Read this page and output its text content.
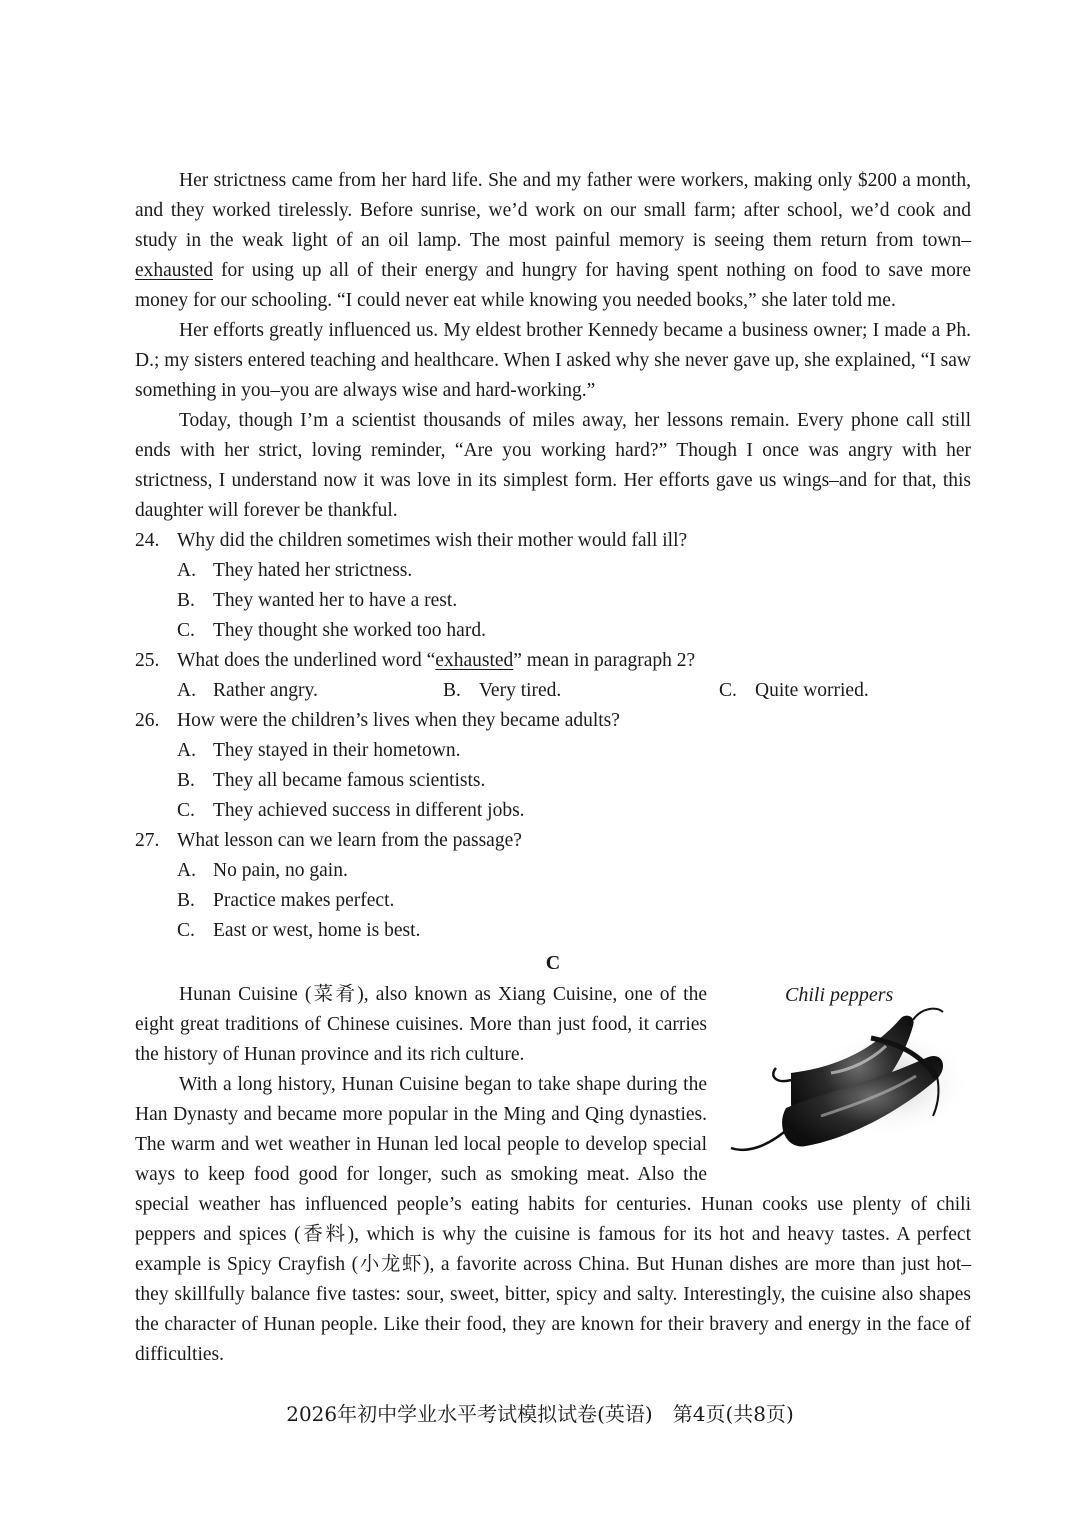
Her strictness came from her hard life. She and my father were workers, making only $200 a month, and they worked tirelessly. Before sunrise, we’d work on our small farm; after school, we’d cook and study in the weak light of an oil lamp. The most painful memory is seeing them return from town–exhausted for using up all of their energy and hungry for having spent nothing on food to save more money for our schooling. “I could never eat while knowing you needed books,” she later told me.

Her efforts greatly influenced us. My eldest brother Kennedy became a business owner; I made a Ph. D.; my sisters entered teaching and healthcare. When I asked why she never gave up, she explained, “I saw something in you–you are always wise and hard-working.”

Today, though I’m a scientist thousands of miles away, her lessons remain. Every phone call still ends with her strict, loving reminder, “Are you working hard?” Though I once was angry with her strictness, I understand now it was love in its simplest form. Her efforts gave us wings–and for that, this daughter will forever be thankful.

24. Why did the children sometimes wish their mother would fall ill?
A. They hated her strictness.
B. They wanted her to have a rest.
C. They thought she worked too hard.
25. What does the underlined word “exhausted” mean in paragraph 2?
A. Rather angry.	B. Very tired.	C. Quite worried.
26. How were the children’s lives when they became adults?
A. They stayed in their hometown.
B. They all became famous scientists.
C. They achieved success in different jobs.
27. What lesson can we learn from the passage?
A. No pain, no gain.
B. Practice makes perfect.
C. East or west, home is best.
C

Chili peppers
Hunan Cuisine (菜肴), also known as Xiang Cuisine, one of the eight great traditions of Chinese cuisines. More than just food, it carries the history of Hunan province and its rich culture.

With a long history, Hunan Cuisine began to take shape during the Han Dynasty and became more popular in the Ming and Qing dynasties. The warm and wet weather in Hunan led local people to develop special ways to keep food good for longer, such as smoking meat. Also the special weather has influenced people’s eating habits for centuries. Hunan cooks use plenty of chili peppers and spices (香料), which is why the cuisine is famous for its hot and heavy tastes. A perfect example is Spicy Crayfish (小龙虾), a favorite across China. But Hunan dishes are more than just hot–they skillfully balance five tastes: sour, sweet, bitter, spicy and salty. Interestingly, the cuisine also shapes the character of Hunan people. Like their food, they are known for their bravery and energy in the face of difficulties.

2026年初中学业水平考试模拟试卷(英语)　第4页(共8页)
